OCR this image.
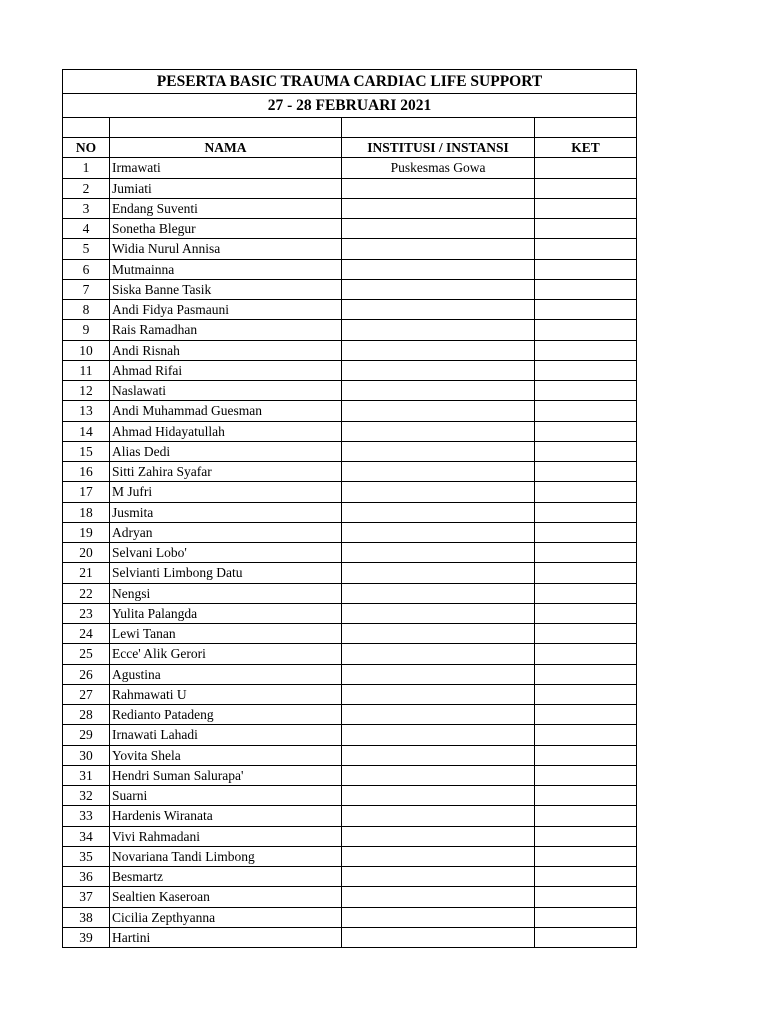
PESERTA BASIC TRAUMA CARDIAC LIFE SUPPORT			
27 - 28 FEBRUARI 2021			

NO	NAMA	INSTITUSI / INSTANSI	KET
1	Irmawati	Puskesmas Gowa	
2	Jumiati		
3	Endang Suventi		
4	Sonetha Blegur		
5	Widia Nurul Annisa		
6	Mutmainna		
7	Siska Banne Tasik		
8	Andi Fidya Pasmauni		
9	Rais Ramadhan		
10	Andi Risnah		
11	Ahmad Rifai		
12	Naslawati		
13	Andi Muhammad Guesman		
14	Ahmad Hidayatullah		
15	Alias Dedi		
16	Sitti Zahira Syafar		
17	M Jufri		
18	Jusmita		
19	Adryan		
20	Selvani Lobo'		
21	Selvianti Limbong Datu		
22	Nengsi		
23	Yulita Palangda		
24	Lewi Tanan		
25	Ecce' Alik Gerori		
26	Agustina		
27	Rahmawati U		
28	Redianto Patadeng		
29	Irnawati Lahadi		
30	Yovita Shela		
31	Hendri Suman Salurapa'		
32	Suarni		
33	Hardenis Wiranata		
34	Vivi Rahmadani		
35	Novariana Tandi Limbong		
36	Besmartz		
37	Sealtien Kaseroan		
38	Cicilia Zepthyanna		
39	Hartini		
